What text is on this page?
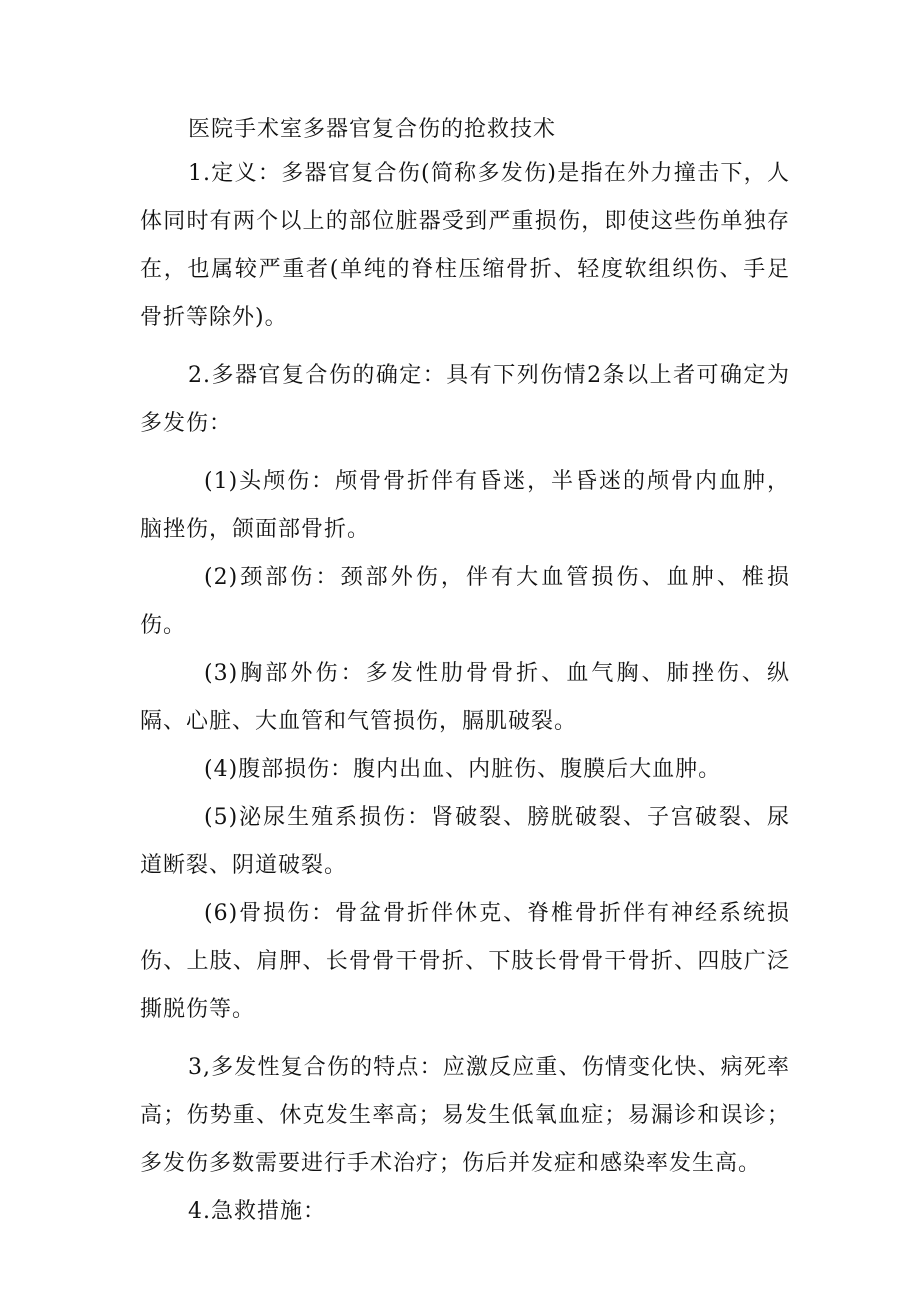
医院手术室多器官复合伤的抢救技术

1.定义：多器官复合伤(简称多发伤)是指在外力撞击下，人体同时有两个以上的部位脏器受到严重损伤，即使这些伤单独存在，也属较严重者(单纯的脊柱压缩骨折、轻度软组织伤、手足骨折等除外)。

2.多器官复合伤的确定：具有下列伤情2条以上者可确定为多发伤：

(1)头颅伤：颅骨骨折伴有昏迷，半昏迷的颅骨内血肿，脑挫伤，颌面部骨折。

(2)颈部伤：颈部外伤，伴有大血管损伤、血肿、椎损伤。

(3)胸部外伤：多发性肋骨骨折、血气胸、肺挫伤、纵隔、心脏、大血管和气管损伤，膈肌破裂。

(4)腹部损伤：腹内出血、内脏伤、腹膜后大血肿。

(5)泌尿生殖系损伤：肾破裂、膀胱破裂、子宫破裂、尿道断裂、阴道破裂。

(6)骨损伤：骨盆骨折伴休克、脊椎骨折伴有神经系统损伤、上肢、肩胛、长骨骨干骨折、下肢长骨骨干骨折、四肢广泛撕脱伤等。

3,多发性复合伤的特点：应激反应重、伤情变化快、病死率高；伤势重、休克发生率高；易发生低氧血症；易漏诊和误诊；多发伤多数需要进行手术治疗；伤后并发症和感染率发生高。

4.急救措施：
